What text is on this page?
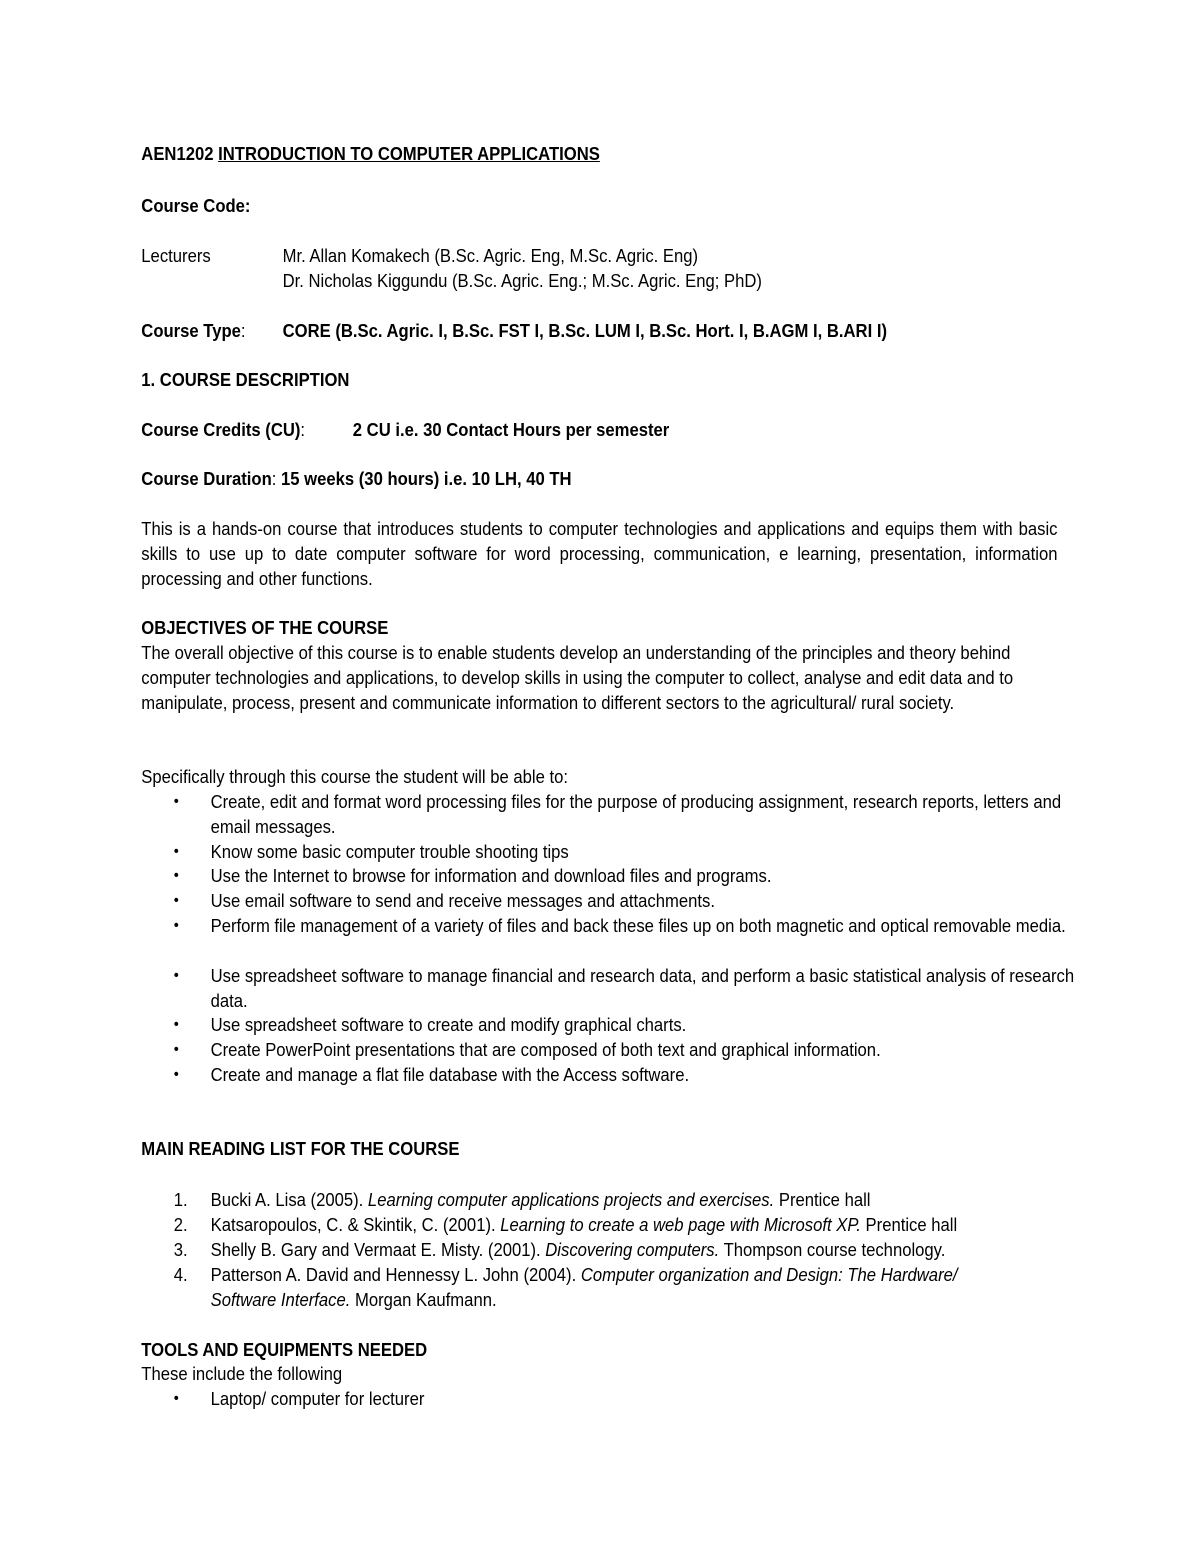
AEN1202 INTRODUCTION TO COMPUTER APPLICATIONS
Course Code:
Lecturers	Mr. Allan Komakech (B.Sc. Agric. Eng, M.Sc. Agric. Eng)
Dr. Nicholas Kiggundu (B.Sc. Agric. Eng.; M.Sc. Agric. Eng; PhD)
Course Type: CORE (B.Sc. Agric. I, B.Sc. FST I, B.Sc. LUM I, B.Sc. Hort. I, B.AGM I, B.ARI I)
1. COURSE DESCRIPTION
Course Credits (CU):	2 CU i.e. 30 Contact Hours per semester
Course Duration: 15 weeks (30 hours) i.e. 10 LH, 40 TH
This is a hands-on course that introduces students to computer technologies and applications and equips them with basic skills to use up to date computer software for word processing, communication, e learning, presentation, information processing and other functions.
OBJECTIVES OF THE COURSE
The overall objective of this course is to enable students develop an understanding of the principles and theory behind computer technologies and applications, to develop skills in using the computer to collect, analyse and edit data and to manipulate, process, present and communicate information to different sectors to the agricultural/ rural society.
Specifically through this course the student will be able to:
• Create, edit and format word processing files for the purpose of producing assignment, research reports, letters and email messages.
• Know some basic computer trouble shooting tips
• Use the Internet to browse for information and download files and programs.
• Use email software to send and receive messages and attachments.
• Perform file management of a variety of files and back these files up on both magnetic and optical removable media.
• Use spreadsheet software to manage financial and research data, and perform a basic statistical analysis of research data.
• Use spreadsheet software to create and modify graphical charts.
• Create PowerPoint presentations that are composed of both text and graphical information.
• Create and manage a flat file database with the Access software.
MAIN READING LIST FOR THE COURSE
1. Bucki A. Lisa (2005). Learning computer applications projects and exercises. Prentice hall
2. Katsaropoulos, C. & Skintik, C. (2001). Learning to create a web page with Microsoft XP. Prentice hall
3. Shelly B. Gary and Vermaat E. Misty. (2001). Discovering computers. Thompson course technology.
4. Patterson A. David and Hennessy L. John (2004). Computer organization and Design: The Hardware/ Software Interface. Morgan Kaufmann.
TOOLS AND EQUIPMENTS NEEDED
These include the following
• Laptop/ computer for lecturer
